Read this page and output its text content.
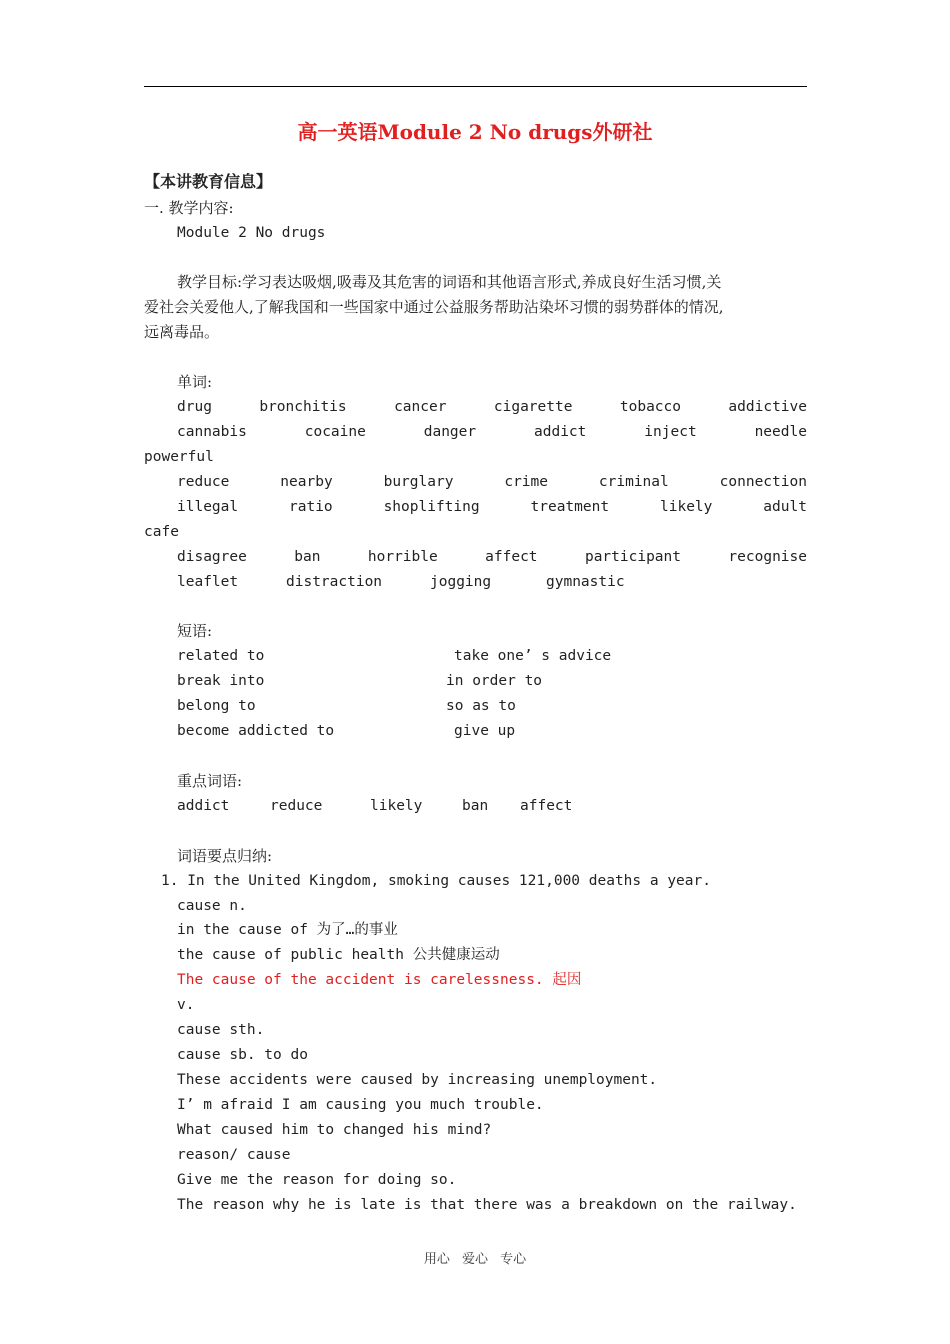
高一英语Module 2 No drugs外研社
【本讲教育信息】
一. 教学内容:
Module 2 No drugs
教学目标:学习表达吸烟,吸毒及其危害的词语和其他语言形式,养成良好生活习惯,关
爱社会关爱他人,了解我国和一些国家中通过公益服务帮助沾染坏习惯的弱势群体的情况,
远离毒品。
单词:
drug	bronchitis	cancer	cigarette	tobacco	addictive
cannabis	cocaine	danger	addict	inject	needle
powerful
reduce	nearby	burglary	crime	criminal	connection
illegal	ratio	shoplifting	treatment	likely	adult
cafe
disagree	ban	horrible	affect	participant	recognise
leaflet	distraction	jogging	gymnastic
短语:
related to	take one’ s advice
break into	in order to
belong to	so as to
become addicted to	give up
重点词语:
addict	reduce	likely	ban affect
词语要点归纳:
1. In the United Kingdom, smoking causes 121,000 deaths a year.
cause n.
in the cause of 为了…的事业
the cause of public health 公共健康运动
The cause of the accident is carelessness. 起因
v.
cause sth.
cause sb. to do
These accidents were caused by increasing unemployment.
I’ m afraid I am causing you much trouble.
What caused him to changed his mind?
reason/ cause
Give me the reason for doing so.
The reason why he is late is that there was a breakdown on the railway.
用心 爱心 专心
